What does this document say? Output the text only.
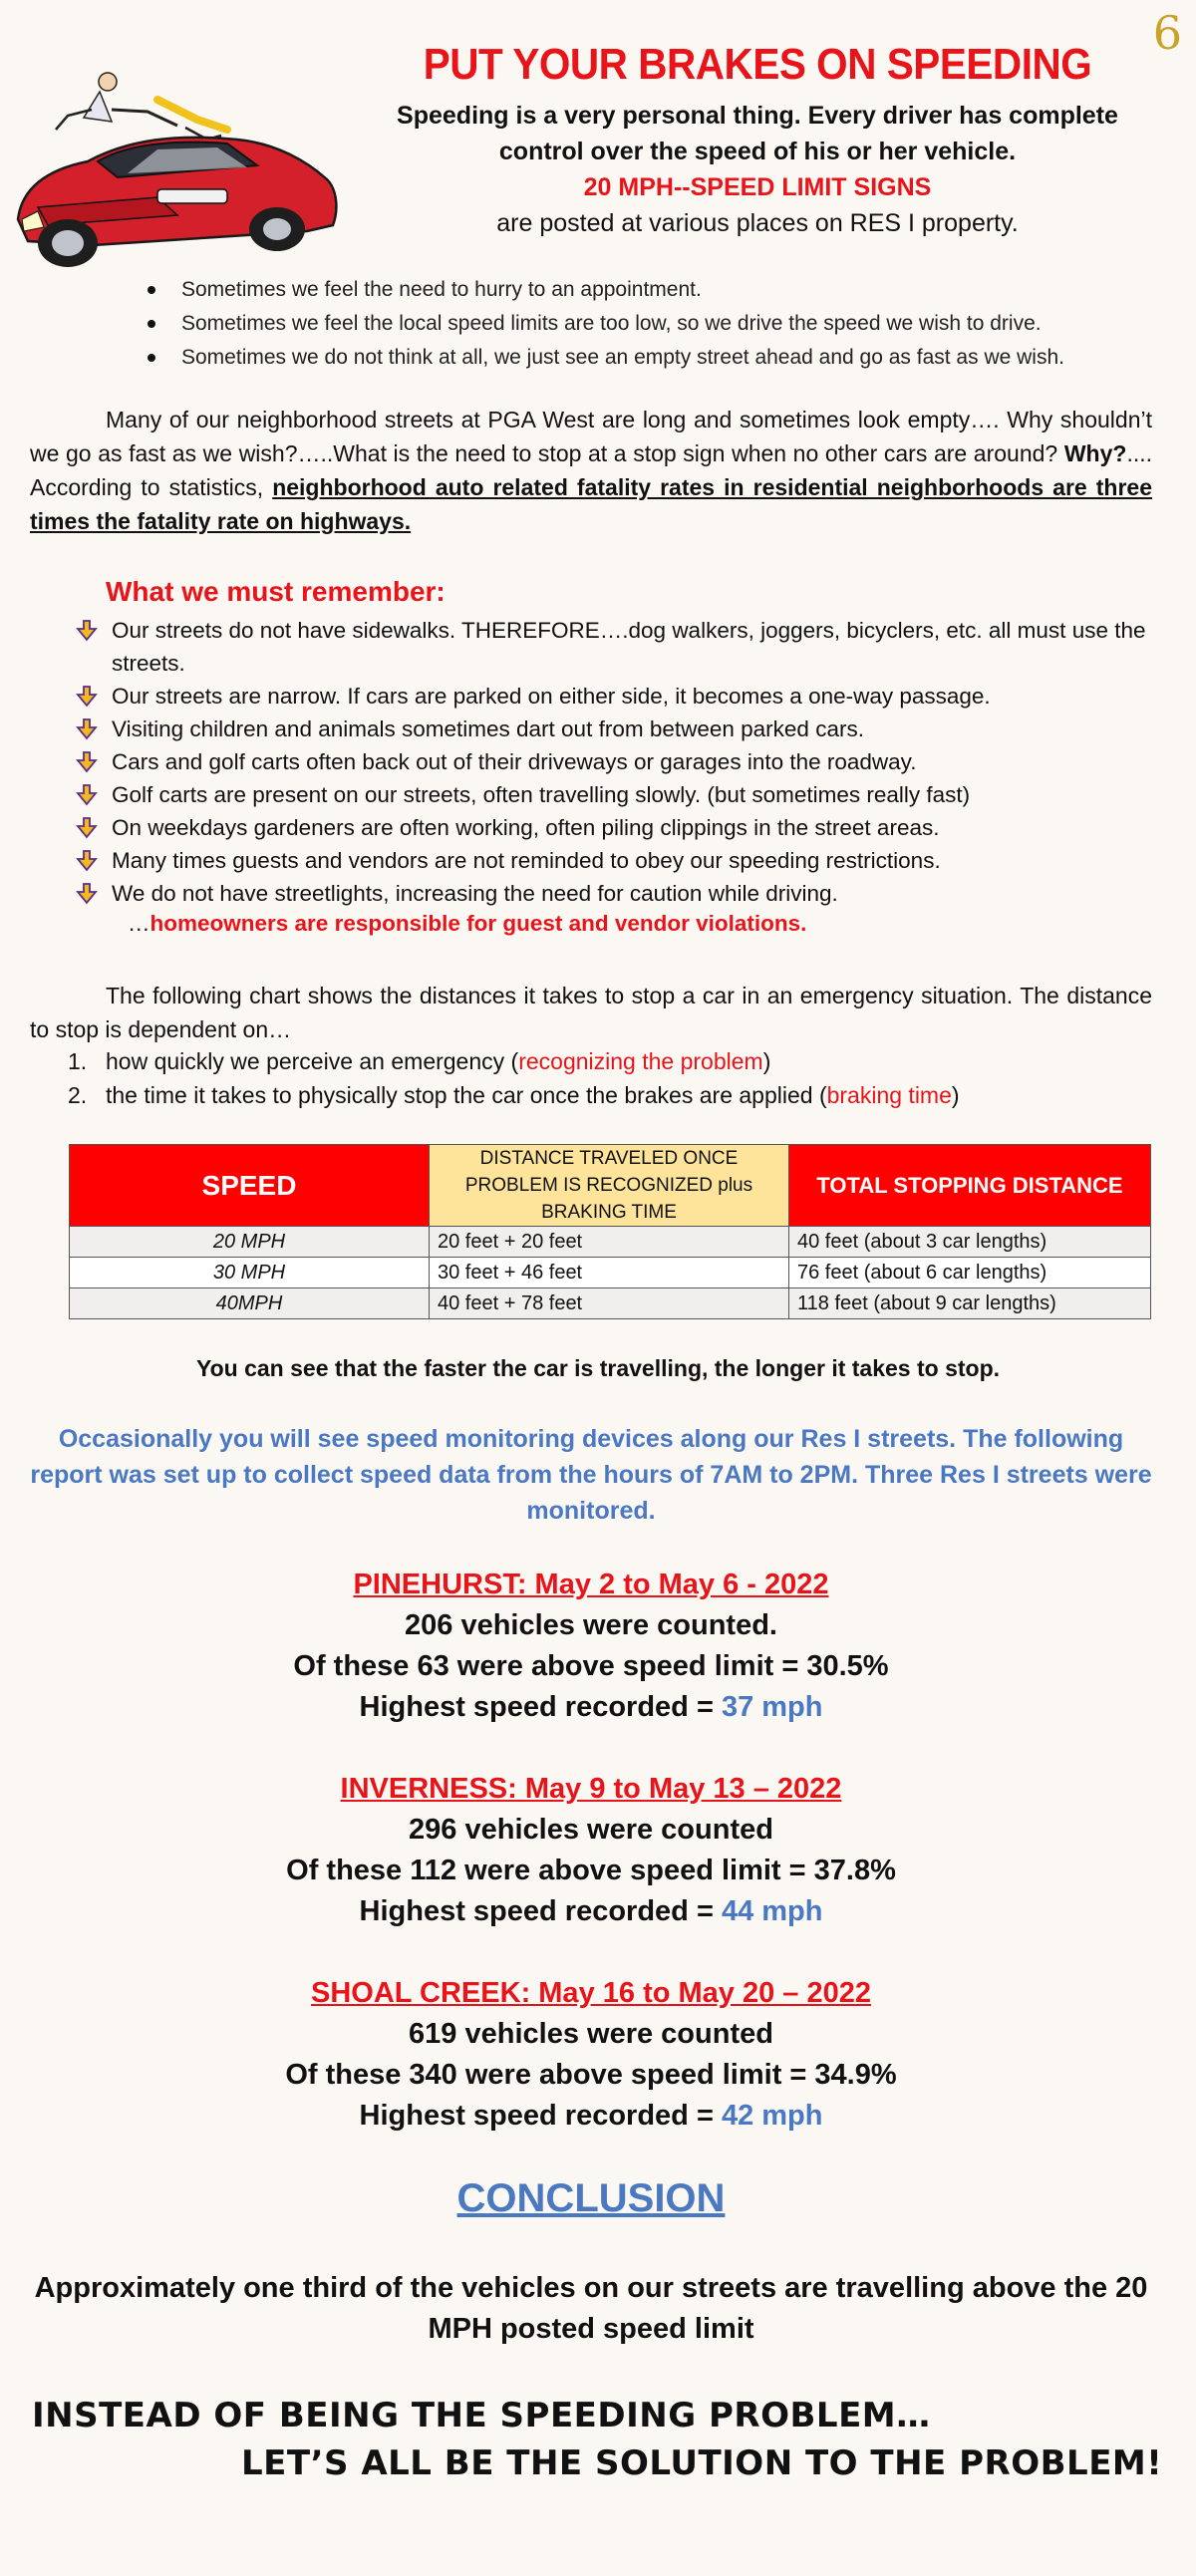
6
PUT YOUR BRAKES ON SPEEDING
Speeding is a very personal thing. Every driver has complete
control over the speed of his or her vehicle.
20 MPH--SPEED LIMIT SIGNS
are posted at various places on RES I property.
Sometimes we feel the need to hurry to an appointment.
Sometimes we feel the local speed limits are too low, so we drive the speed we wish to drive.
Sometimes we do not think at all, we just see an empty street ahead and go as fast as we wish.
Many of our neighborhood streets at PGA West are long and sometimes look empty…. Why shouldn’t we go as fast as we wish?…..What is the need to stop at a stop sign when no other cars are around? Why?.... According to statistics, neighborhood auto related fatality rates in residential neighborhoods are three times the fatality rate on highways.
What we must remember:
Our streets do not have sidewalks. THEREFORE….dog walkers, joggers, bicyclers, etc. all must use the streets.
Our streets are narrow. If cars are parked on either side, it becomes a one-way passage.
Visiting children and animals sometimes dart out from between parked cars.
Cars and golf carts often back out of their driveways or garages into the roadway.
Golf carts are present on our streets, often travelling slowly. (but sometimes really fast)
On weekdays gardeners are often working, often piling clippings in the street areas.
Many times guests and vendors are not reminded to obey our speeding restrictions.
We do not have streetlights, increasing the need for caution while driving.
…homeowners are responsible for guest and vendor violations.
The following chart shows the distances it takes to stop a car in an emergency situation. The distance to stop is dependent on…
1. how quickly we perceive an emergency (recognizing the problem)
2. the time it takes to physically stop the car once the brakes are applied (braking time)
SPEED	DISTANCE TRAVELED ONCE PROBLEM IS RECOGNIZED plus BRAKING TIME	TOTAL STOPPING DISTANCE
20 MPH	20 feet + 20 feet	40 feet (about 3 car lengths)
30 MPH	30 feet + 46 feet	76 feet (about 6 car lengths)
40MPH	40 feet + 78 feet	118 feet (about 9 car lengths)
You can see that the faster the car is travelling, the longer it takes to stop.
Occasionally you will see speed monitoring devices along our Res I streets. The following report was set up to collect speed data from the hours of 7AM to 2PM. Three Res I streets were monitored.
PINEHURST: May 2 to May 6 - 2022
206 vehicles were counted.
Of these 63 were above speed limit = 30.5%
Highest speed recorded = 37 mph
INVERNESS: May 9 to May 13 – 2022
296 vehicles were counted
Of these 112 were above speed limit = 37.8%
Highest speed recorded = 44 mph
SHOAL CREEK: May 16 to May 20 – 2022
619 vehicles were counted
Of these 340 were above speed limit = 34.9%
Highest speed recorded = 42 mph
CONCLUSION
Approximately one third of the vehicles on our streets are travelling above the 20 MPH posted speed limit
INSTEAD OF BEING THE SPEEDING PROBLEM…
LET’S ALL BE THE SOLUTION TO THE PROBLEM!
